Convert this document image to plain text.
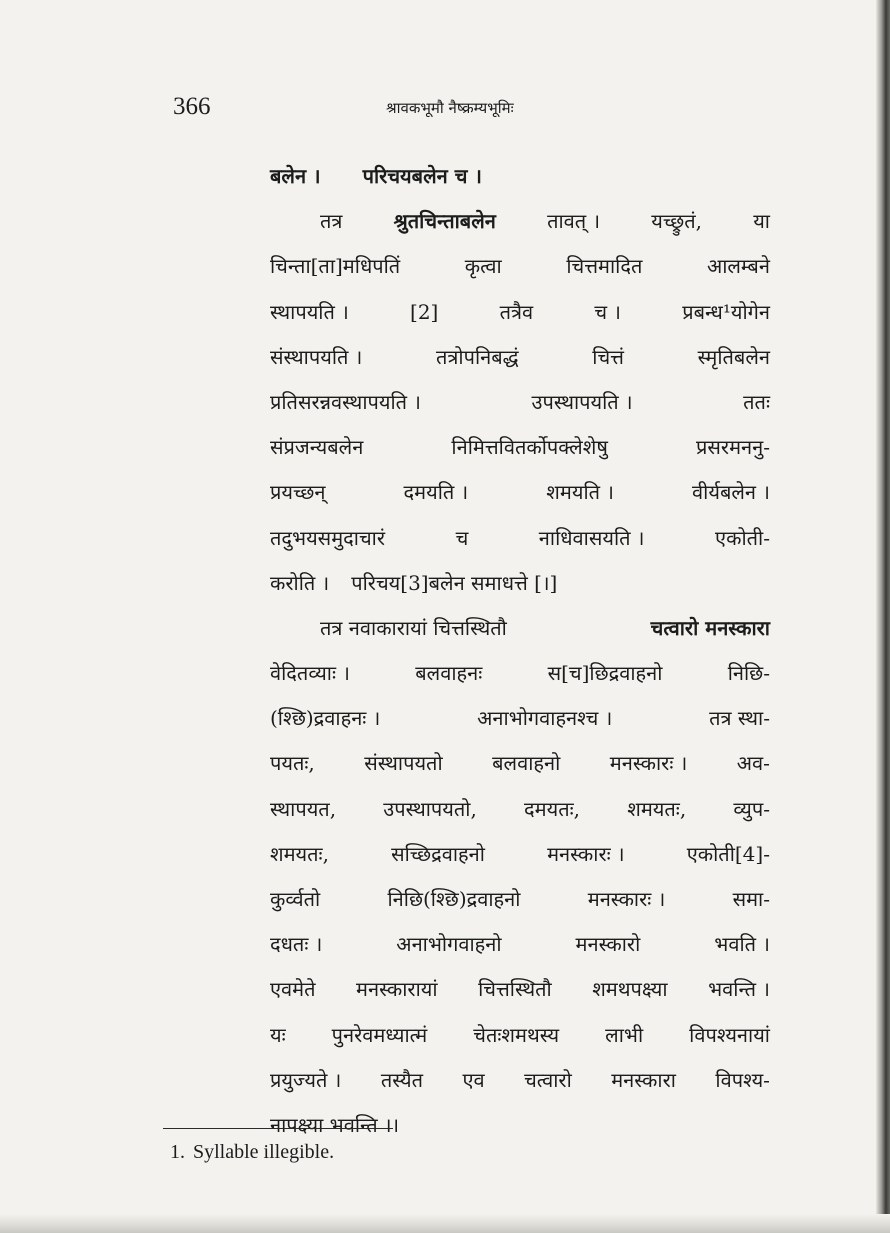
366	श्रावकभूमौ नैष्क्रम्यभूमिः
बलेन । परिचयबलेन च ।
तत्र	श्रुतचिन्ताबलेन	तावत् ।	यच्छ्रुतं,	या
चिन्ता[ता]मधिपतिं	कृत्वा	चित्तमादित	आलम्बने
स्थापयति ।	[2]	तत्रैव	च ।	प्रबन्ध¹योगेन
संस्थापयति ।	तत्रोपनिबद्धं	चित्तं	स्मृतिबलेन
प्रतिसरन्नवस्थापयति ।	उपस्थापयति ।	ततः
संप्रजन्यबलेन	निमित्तवितर्कोपक्लेशेषु	प्रसरमननु-
प्रयच्छन्	दमयति ।	शमयति ।	वीर्यबलेन ।
तदुभयसमुदाचारं	च	नाधिवासयति ।	एकोती-
करोति । परिचय[3]बलेन समाधत्ते [।]
तत्र नवाकारायां चित्तस्थितौ	चत्वारो मनस्कारा
वेदितव्याः ।	बलवाहनः	स[च]छिद्रवाहनो	निछि-
(श्छि)द्रवाहनः ।	अनाभोगवाहनश्च ।	तत्र स्था-
पयतः, संस्थापयतो बलवाहनो मनस्कारः । अव-
स्थापयत, उपस्थापयतो, दमयतः, शमयतः, व्युप-
शमयतः,	सच्छिद्रवाहनो	मनस्कारः ।	एकोती[4]-
कुर्व्वतो	निछि(श्छि)द्रवाहनो	मनस्कारः ।	समा-
दधतः ।	अनाभोगवाहनो	मनस्कारो	भवति ।
एवमेते मनस्कारायां चित्तस्थितौ शमथपक्ष्या भवन्ति ।
यः पुनरेवमध्यात्मं चेतःशमथस्य लाभी विपश्यनायां
प्रयुज्यते । तस्यैत एव चत्वारो मनस्कारा विपश्य-
नापक्ष्या भवन्ति ।।
1. Syllable illegible.
